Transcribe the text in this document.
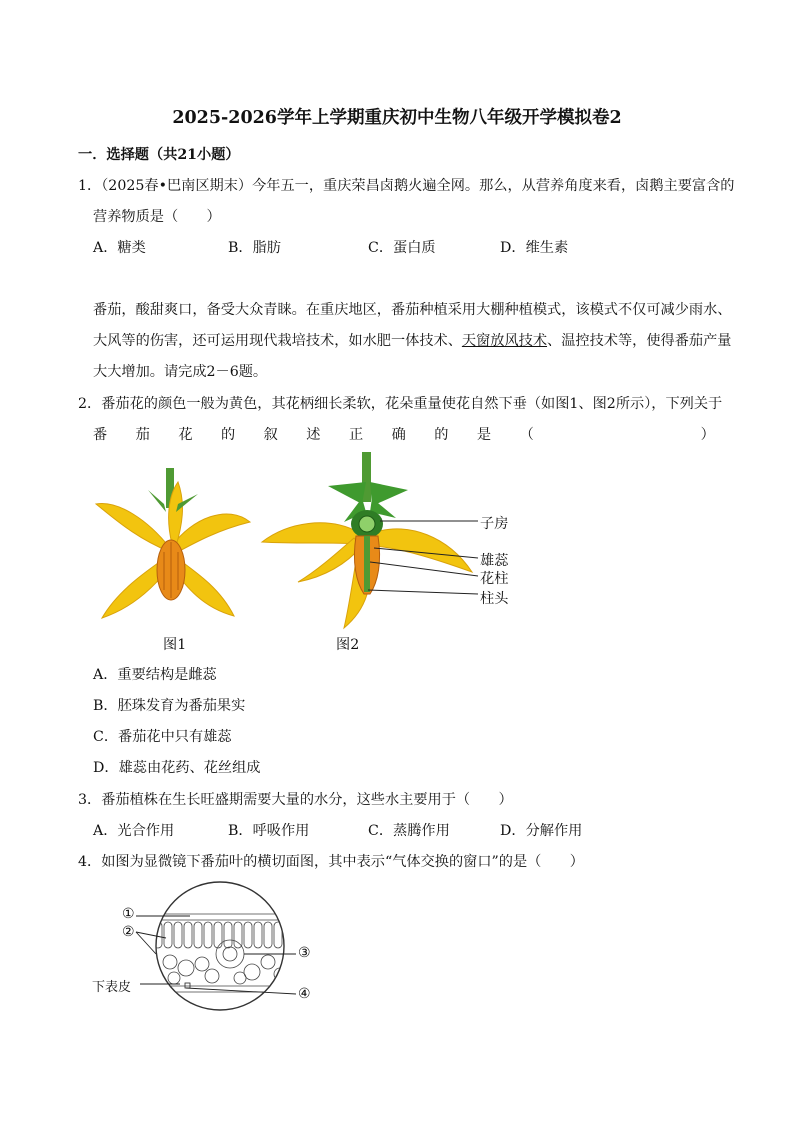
2025-2026学年上学期重庆初中生物八年级开学模拟卷2
一．选择题（共21小题）
1．（2025春•巴南区期末）今年五一，重庆荣昌卤鹅火遍全网。那么，从营养角度来看，卤鹅主要富含的
营养物质是（　　）
A．糖类	B．脂肪	C．蛋白质	D．维生素
番茄，酸甜爽口，备受大众青睐。在重庆地区，番茄种植采用大棚种植模式，该模式不仅可减少雨水、
大风等的伤害，还可运用现代栽培技术，如水肥一体技术、天窗放风技术、温控技术等，使得番茄产量
大大增加。请完成2－6题。
2．番茄花的颜色一般为黄色，其花柄细长柔软，花朵重量使花自然下垂（如图1、图2所示），下列关于
番 茄 花 的 叙 述 正 确 的 是 （	）
图1
子房
雄蕊
花柱
柱头
图2
A．重要结构是雌蕊
B．胚珠发育为番茄果实
C．番茄花中只有雄蕊
D．雄蕊由花药、花丝组成
3．番茄植株在生长旺盛期需要大量的水分，这些水主要用于（　　）
A．光合作用	B．呼吸作用	C．蒸腾作用	D．分解作用
4．如图为显微镜下番茄叶的横切面图，其中表示“气体交换的窗口”的是（　　）
①
②
③
④
下表皮
